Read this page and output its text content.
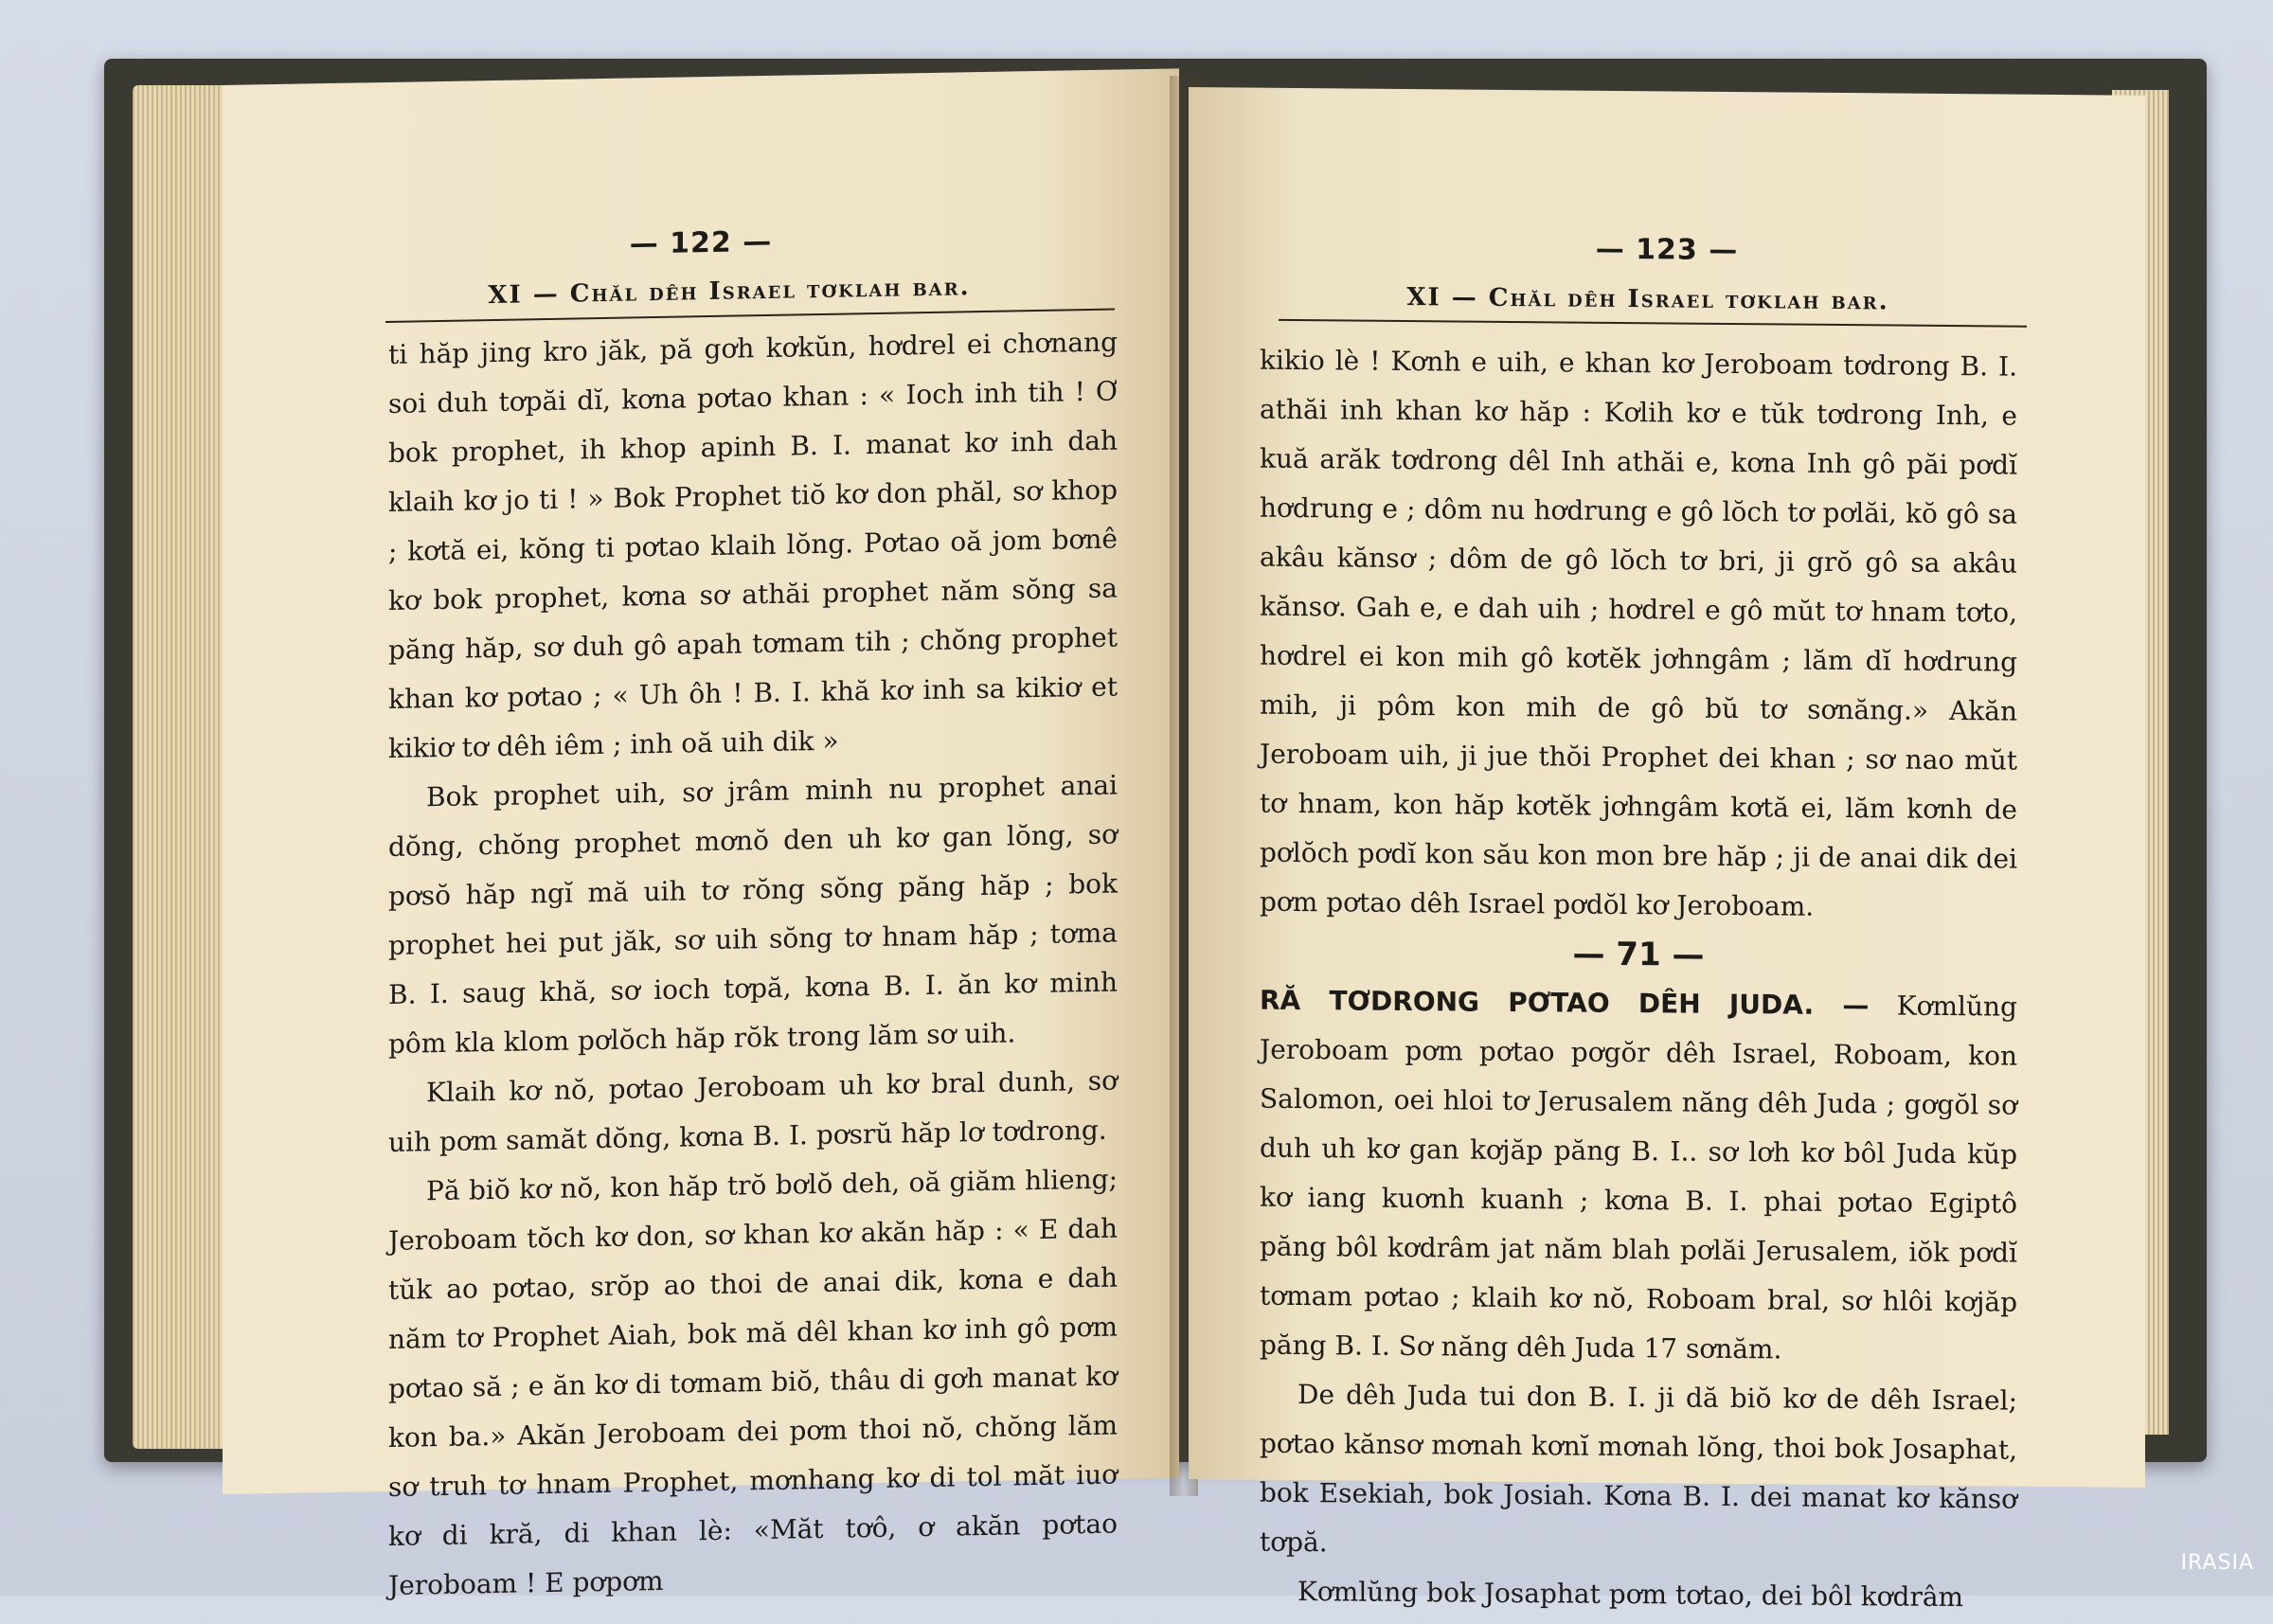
— 122 —
XI — Chăl dêh Israel tơklah bar.

ti hăp jing kro jăk, pă gơh kơkŭn, hơdrel ei chơnang soi duh tơpăi dĭ, kơna pơtao khan : « Ioch inh tih ! Ơ bok prophet, ih khop apinh B. I. manat kơ inh dah klaih kơ jo ti ! » Bok Prophet tiŏ kơ don phăl, sơ khop ; kơtă ei, kŏng ti pơtao klaih lŏng. Pơtao oă jom bơnê kơ bok prophet, kơna sơ athăi prophet năm sŏng sa păng hăp, sơ duh gô apah tơmam tih ; chŏng prophet khan kơ pơtao ; « Uh ôh ! B. I. khă kơ inh sa kikiơ et kikiơ tơ dêh iêm ; inh oă uih dik »

Bok prophet uih, sơ jrâm minh nu prophet anai dŏng, chŏng prophet mơnŏ den uh kơ gan lŏng, sơ pơsŏ hăp ngĭ mă uih tơ rŏng sŏng păng hăp ; bok prophet hei put jăk, sơ uih sŏng tơ hnam hăp ; tơma B. I. saug khă, sơ ioch tơpă, kơna B. I. ăn kơ minh pôm kla klom pơlŏch hăp rŏk trong lăm sơ uih.

Klaih kơ nŏ, pơtao Jeroboam uh kơ bral dunh, sơ uih pơm samăt dŏng, kơna B. I. pơsrŭ hăp lơ tơdrong.

Pă biŏ kơ nŏ, kon hăp trŏ bơlŏ deh, oă giăm hlieng; Jeroboam tŏch kơ don, sơ khan kơ akăn hăp : « E dah tŭk ao pơtao, srŏp ao thoi de anai dik, kơna e dah năm tơ Prophet Aiah, bok mă dêl khan kơ inh gô pơm pơtao să ; e ăn kơ di tơmam biŏ, thâu di gơh manat kơ kon ba.» Akăn Jeroboam dei pơm thoi nŏ, chŏng lăm sơ truh tơ hnam Prophet, mơnhang kơ di tol măt iuơ kơ di kră, di khan lè: «Măt tơô, ơ akăn pơtao Jeroboam ! E pơpơm

— 123 —
XI — Chăl dêh Israel tơklah bar.

kikio lè ! Kơnh e uih, e khan kơ Jeroboam tơdrong B. I. athăi inh khan kơ hăp : Kơlih kơ e tŭk tơdrong Inh, e kuă arăk tơdrong dêl Inh athăi e, kơna Inh gô păi pơdĭ hơdrung e ; dôm nu hơdrung e gô lŏch tơ pơlăi, kŏ gô sa akâu kănsơ ; dôm de gô lŏch tơ bri, ji grŏ gô sa akâu kănsơ. Gah e, e dah uih ; hơdrel e gô mŭt tơ hnam tơto, hơdrel ei kon mih gô kơtĕk jơhngâm ; lăm dĭ hơdrung mih, ji pôm kon mih de gô bŭ tơ sơnăng.» Akăn Jeroboam uih, ji jue thŏi Prophet dei khan ; sơ nao mŭt tơ hnam, kon hăp kơtĕk jơhngâm kơtă ei, lăm kơnh de pơlŏch pơdĭ kon său kon mon bre hăp ; ji de anai dik dei pơm pơtao dêh Israel pơdŏl kơ Jeroboam.

— 71 —

RĂ TƠDRONG PƠTAO DÊH JUDA. — Kơmlŭng Jeroboam pơm pơtao pơgŏr dêh Israel, Roboam, kon Salomon, oei hloi tơ Jerusalem năng dêh Juda ; gơgŏl sơ duh uh kơ gan kơjăp păng B. I.. sơ lơh kơ bôl Juda kŭp kơ iang kuơnh kuanh ; kơna B. I. phai pơtao Egiptô păng bôl kơdrâm jat năm blah pơlăi Jerusalem, iŏk pơdĭ tơmam pơtao ; klaih kơ nŏ, Roboam bral, sơ hlôi kơjăp păng B. I. Sơ năng dêh Juda 17 sơnăm.

De dêh Juda tui don B. I. ji dă biŏ kơ de dêh Israel; pơtao kănsơ mơnah kơnĭ mơnah lŏng, thoi bok Josaphat, bok Esekiah, bok Josiah. Kơna B. I. dei manat kơ kănsơ tơpă.

Kơmlŭng bok Josaphat pơm tơtao, dei bôl kơdrâm

IRASIA
